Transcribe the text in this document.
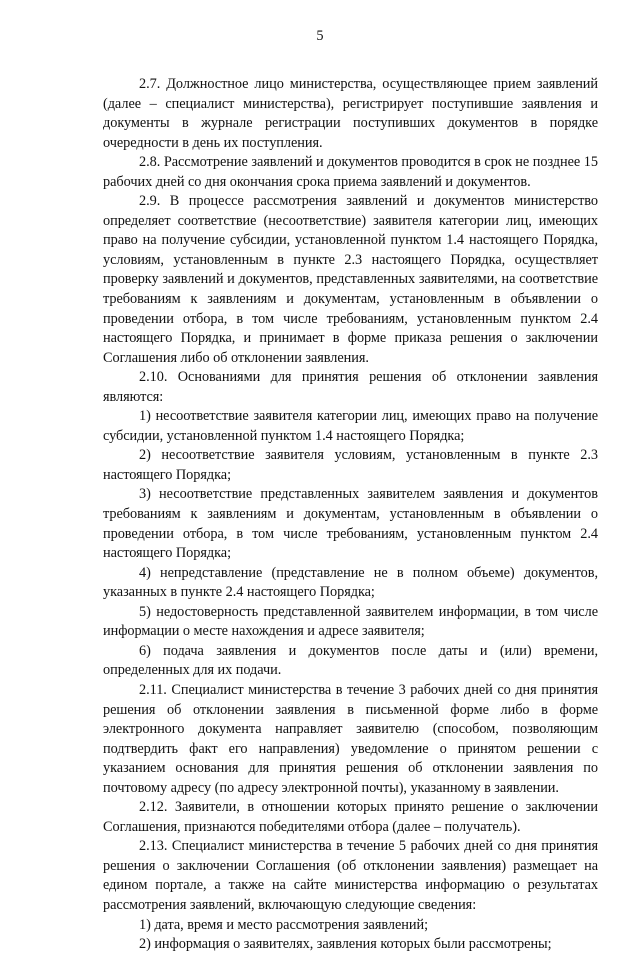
5

2.7. Должностное лицо министерства, осуществляющее прием заявлений (далее – специалист министерства), регистрирует поступившие заявления и документы в журнале регистрации поступивших документов в порядке очередности в день их поступления.

2.8. Рассмотрение заявлений и документов проводится в срок не позднее 15 рабочих дней со дня окончания срока приема заявлений и документов.

2.9. В процессе рассмотрения заявлений и документов министерство определяет соответствие (несоответствие) заявителя категории лиц, имеющих право на получение субсидии, установленной пунктом 1.4 настоящего Порядка, условиям, установленным в пункте 2.3 настоящего Порядка, осуществляет проверку заявлений и документов, представленных заявителями, на соответствие требованиям к заявлениям и документам, установленным в объявлении о проведении отбора, в том числе требованиям, установленным пунктом 2.4 настоящего Порядка, и принимает в форме приказа решения о заключении Соглашения либо об отклонении заявления.

2.10. Основаниями для принятия решения об отклонении заявления являются:

1) несоответствие заявителя категории лиц, имеющих право на получение субсидии, установленной пунктом 1.4 настоящего Порядка;

2) несоответствие заявителя условиям, установленным в пункте 2.3 настоящего Порядка;

3) несоответствие представленных заявителем заявления и документов требованиям к заявлениям и документам, установленным в объявлении о проведении отбора, в том числе требованиям, установленным пунктом 2.4 настоящего Порядка;

4) непредставление (представление не в полном объеме) документов, указанных в пункте 2.4 настоящего Порядка;

5) недостоверность представленной заявителем информации, в том числе информации о месте нахождения и адресе заявителя;

6) подача заявления и документов после даты и (или) времени, определенных для их подачи.

2.11. Специалист министерства в течение 3 рабочих дней со дня принятия решения об отклонении заявления в письменной форме либо в форме электронного документа направляет заявителю (способом, позволяющим подтвердить факт его направления) уведомление о принятом решении с указанием основания для принятия решения об отклонении заявления по почтовому адресу (по адресу электронной почты), указанному в заявлении.

2.12. Заявители, в отношении которых принято решение о заключении Соглашения, признаются победителями отбора (далее – получатель).

2.13. Специалист министерства в течение 5 рабочих дней со дня принятия решения о заключении Соглашения (об отклонении заявления) размещает на едином портале, а также на сайте министерства информацию о результатах рассмотрения заявлений, включающую следующие сведения:

1) дата, время и место рассмотрения заявлений;

2) информация о заявителях, заявления которых были рассмотрены;
